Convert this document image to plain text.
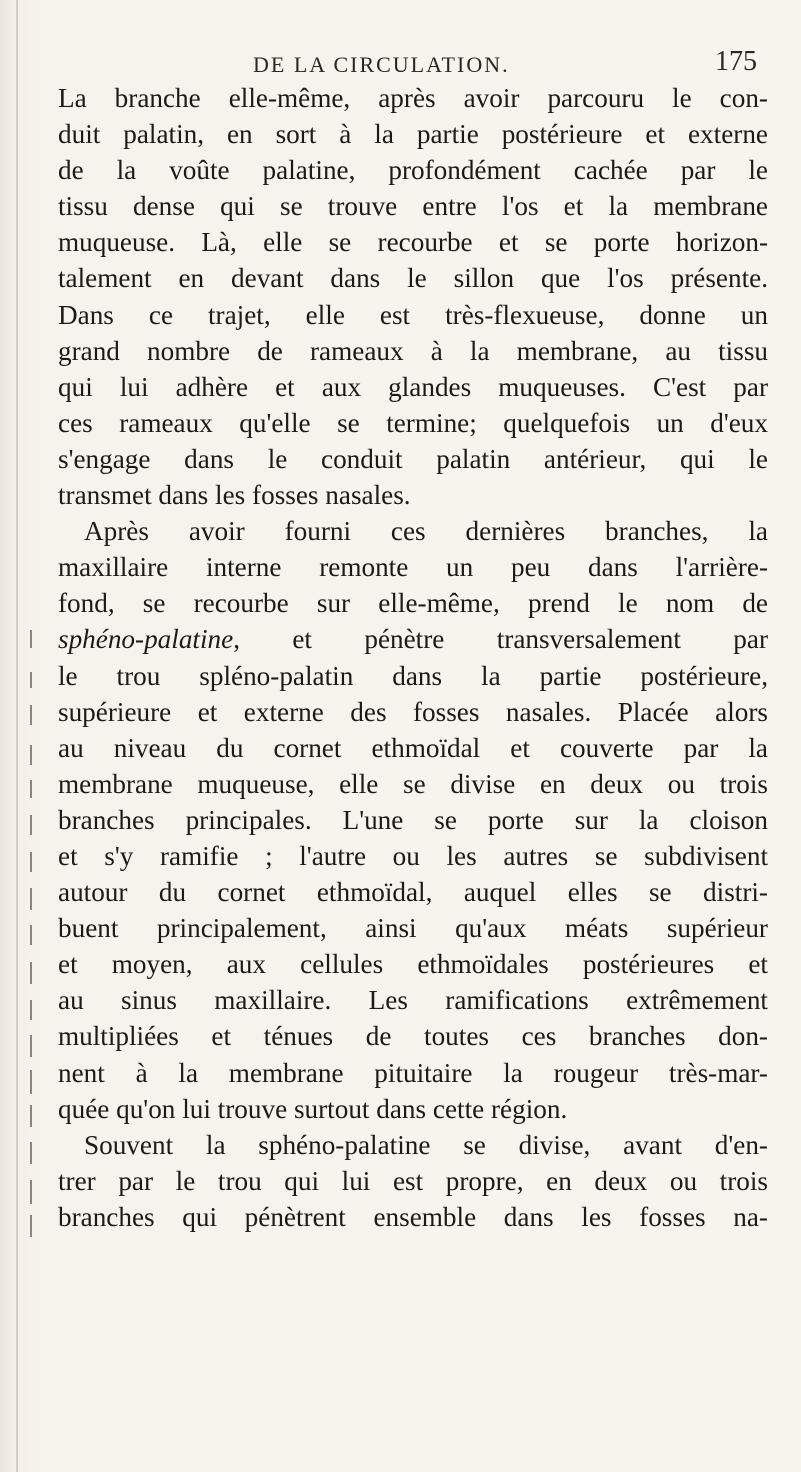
DE LA CIRCULATION.	175
La branche elle-même, après avoir parcouru le con-
duit palatin, en sort à la partie postérieure et externe
de la voûte palatine, profondément cachée par le
tissu dense qui se trouve entre l'os et la membrane
muqueuse. Là, elle se recourbe et se porte horizon-
talement en devant dans le sillon que l'os présente.
Dans ce trajet, elle est très-flexueuse, donne un
grand nombre de rameaux à la membrane, au tissu
qui lui adhère et aux glandes muqueuses. C'est par
ces rameaux qu'elle se termine; quelquefois un d'eux
s'engage dans le conduit palatin antérieur, qui le
transmet dans les fosses nasales.
Après avoir fourni ces dernières branches, la
maxillaire interne remonte un peu dans l'arrière-
fond, se recourbe sur elle-même, prend le nom de
sphéno-palatine, et pénètre transversalement par
le trou spléno-palatin dans la partie postérieure,
supérieure et externe des fosses nasales. Placée alors
au niveau du cornet ethmoïdal et couverte par la
membrane muqueuse, elle se divise en deux ou trois
branches principales. L'une se porte sur la cloison
et s'y ramifie ; l'autre ou les autres se subdivisent
autour du cornet ethmoïdal, auquel elles se distri-
buent principalement, ainsi qu'aux méats supérieur
et moyen, aux cellules ethmoïdales postérieures et
au sinus maxillaire. Les ramifications extrêmement
multipliées et ténues de toutes ces branches don-
nent à la membrane pituitaire la rougeur très-mar-
quée qu'on lui trouve surtout dans cette région.
Souvent la sphéno-palatine se divise, avant d'en-
trer par le trou qui lui est propre, en deux ou trois
branches qui pénètrent ensemble dans les fosses na-
